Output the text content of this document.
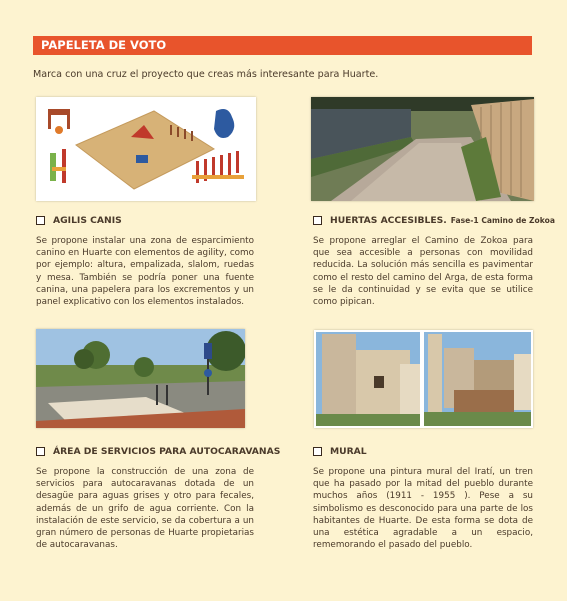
PAPELETA DE VOTO
Marca con una cruz el proyecto que creas más interesante para Huarte.
AGILIS CANIS
Se propone instalar una zona de esparcimiento canino en Huarte con elementos de agility, como por ejemplo: altura, empalizada, slalom, ruedas y mesa. También se podría poner una fuente canina, una papelera para los excrementos y un panel explicativo con los elementos instalados.
HUERTAS ACCESIBLES. Fase-1 Camino de Zokoa
Se propone arreglar el Camino de Zokoa para que sea accesible a personas con movilidad reducida. La solución más sencilla es pavimentar como el resto del camino del Arga, de esta forma se le da continuidad y se evita que se utilice como pipican.
ÁREA DE SERVICIOS PARA AUTOCARAVANAS
Se propone la construcción de una zona de servicios para autocaravanas dotada de un desagüe para aguas grises y otro para fecales, además de un grifo de agua corriente. Con la instalación de este servicio, se da cobertura a un gran número de personas de Huarte propietarias de autocaravanas.
MURAL
Se propone una pintura mural del Iratí, un tren que ha pasado por la mitad del pueblo durante muchos años (1911 - 1955 ). Pese a su simbolismo es desconocido para una parte de los habitantes de Huarte. De esta forma se dota de una estética agradable a un espacio, rememorando el pasado del pueblo.
